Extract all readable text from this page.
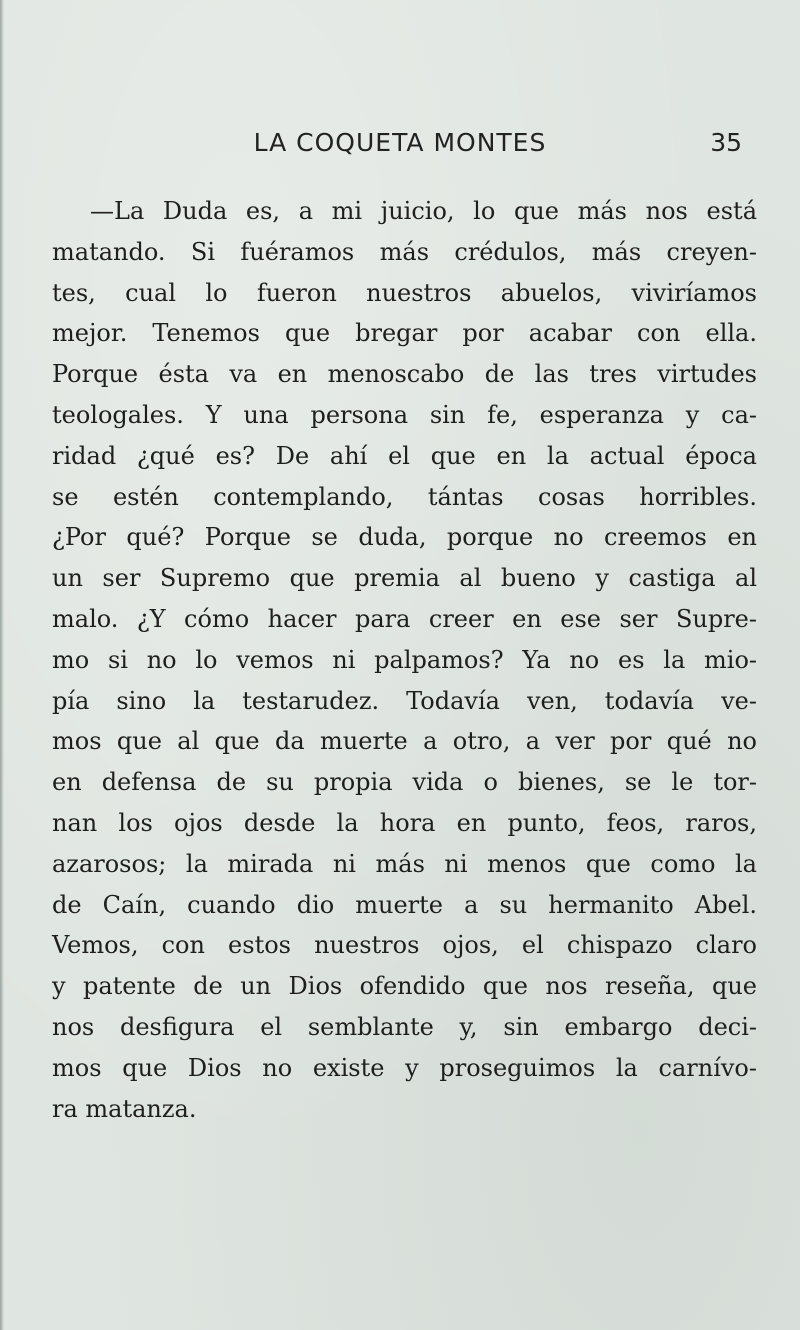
LA COQUETA MONTES	35
—La Duda es, a mi juicio, lo que más nos está
matando. Si fuéramos más crédulos, más creyen-
tes, cual lo fueron nuestros abuelos, viviríamos
mejor. Tenemos que bregar por acabar con ella.
Porque ésta va en menoscabo de las tres virtudes
teologales. Y una persona sin fe, esperanza y ca-
ridad ¿qué es? De ahí el que en la actual época
se estén contemplando, tántas cosas horribles.
¿Por qué? Porque se duda, porque no creemos en
un ser Supremo que premia al bueno y castiga al
malo. ¿Y cómo hacer para creer en ese ser Supre-
mo si no lo vemos ni palpamos? Ya no es la mio-
pía sino la testarudez. Todavía ven, todavía ve-
mos que al que da muerte a otro, a ver por qué no
en defensa de su propia vida o bienes, se le tor-
nan los ojos desde la hora en punto, feos, raros,
azarosos; la mirada ni más ni menos que como la
de Caín, cuando dio muerte a su hermanito Abel.
Vemos, con estos nuestros ojos, el chispazo claro
y patente de un Dios ofendido que nos reseña, que
nos desfigura el semblante y, sin embargo deci-
mos que Dios no existe y proseguimos la carnívo-
ra matanza.
